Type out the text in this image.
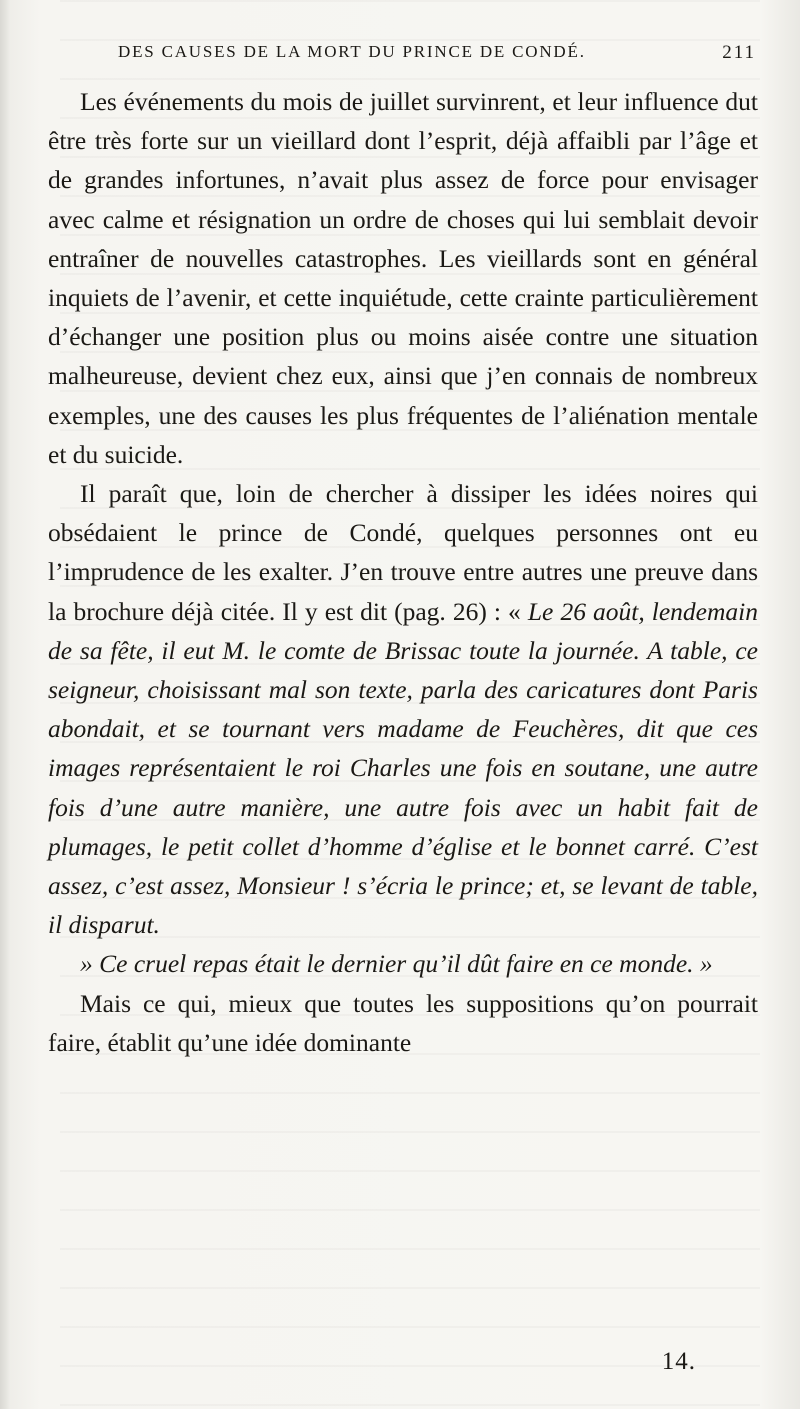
DES CAUSES DE LA MORT DU PRINCE DE CONDÉ.	211

Les événements du mois de juillet survinrent, et leur influence dut être très forte sur un vieillard dont l’esprit, déjà affaibli par l’âge et de grandes infortunes, n’avait plus assez de force pour envisager avec calme et résignation un ordre de choses qui lui semblait devoir entraîner de nouvelles catastrophes. Les vieillards sont en général inquiets de l’avenir, et cette inquiétude, cette crainte particulièrement d’échanger une position plus ou moins aisée contre une situation malheureuse, devient chez eux, ainsi que j’en connais de nombreux exemples, une des causes les plus fréquentes de l’aliénation mentale et du suicide.

Il paraît que, loin de chercher à dissiper les idées noires qui obsédaient le prince de Condé, quelques personnes ont eu l’imprudence de les exalter. J’en trouve entre autres une preuve dans la brochure déjà citée. Il y est dit (pag. 26) : « Le 26 août, lendemain de sa fête, il eut M. le comte de Brissac toute la journée. A table, ce seigneur, choisissant mal son texte, parla des caricatures dont Paris abondait, et se tournant vers madame de Feuchères, dit que ces images représentaient le roi Charles une fois en soutane, une autre fois d’une autre manière, une autre fois avec un habit fait de plumages, le petit collet d’homme d’église et le bonnet carré. C’est assez, c’est assez, Monsieur ! s’écria le prince; et, se levant de table, il disparut.

» Ce cruel repas était le dernier qu’il dût faire en ce monde. »

Mais ce qui, mieux que toutes les suppositions qu’on pourrait faire, établit qu’une idée dominante

14.
